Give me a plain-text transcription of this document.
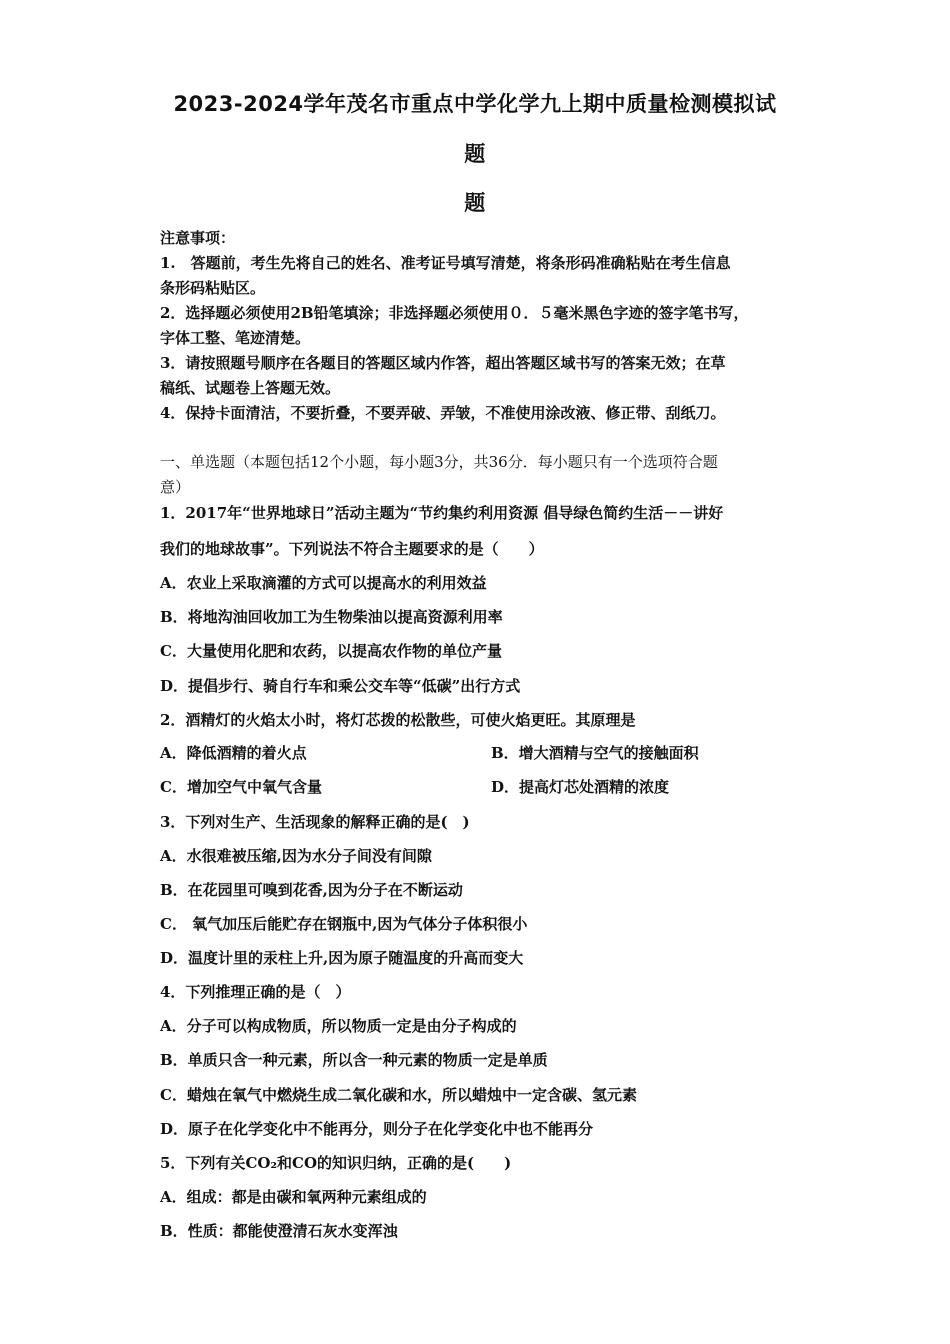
2023-2024学年茂名市重点中学化学九上期中质量检测模拟试
题
题
注意事项：
1.　答题前，考生先将自己的姓名、准考证号填写清楚，将条形码准确粘贴在考生信息
条形码粘贴区。
2．选择题必须使用2B铅笔填涂；非选择题必须使用０．５毫米黑色字迹的签字笔书写，
字体工整、笔迹清楚。
3．请按照题号顺序在各题目的答题区域内作答，超出答题区域书写的答案无效；在草
稿纸、试题卷上答题无效。
4．保持卡面清洁，不要折叠，不要弄破、弄皱，不准使用涂改液、修正带、刮纸刀。
一、单选题（本题包括12个小题，每小题3分，共36分．每小题只有一个选项符合题
意）
1．2017年“世界地球日”活动主题为“节约集约利用资源 倡导绿色简约生活－－讲好
我们的地球故事”。下列说法不符合主题要求的是（　　）
A．农业上采取滴灌的方式可以提高水的利用效益
B．将地沟油回收加工为生物柴油以提高资源利用率
C．大量使用化肥和农药，以提高农作物的单位产量
D．提倡步行、骑自行车和乘公交车等“低碳”出行方式
2．酒精灯的火焰太小时，将灯芯拨的松散些，可使火焰更旺。其原理是
A．降低酒精的着火点	B．增大酒精与空气的接触面积
C．增加空气中氧气含量	D．提高灯芯处酒精的浓度
3．下列对生产、生活现象的解释正确的是(　)
A．水很难被压缩,因为水分子间没有间隙
B．在花园里可嗅到花香,因为分子在不断运动
C． 氧气加压后能贮存在钢瓶中,因为气体分子体积很小
D．温度计里的汞柱上升,因为原子随温度的升高而变大
4．下列推理正确的是（　）
A．分子可以构成物质，所以物质一定是由分子构成的
B．单质只含一种元素，所以含一种元素的物质一定是单质
C．蜡烛在氧气中燃烧生成二氧化碳和水，所以蜡烛中一定含碳、氢元素
D．原子在化学变化中不能再分，则分子在化学变化中也不能再分
5．下列有关CO₂和CO的知识归纳，正确的是(　　)
A．组成：都是由碳和氧两种元素组成的
B．性质：都能使澄清石灰水变浑浊
